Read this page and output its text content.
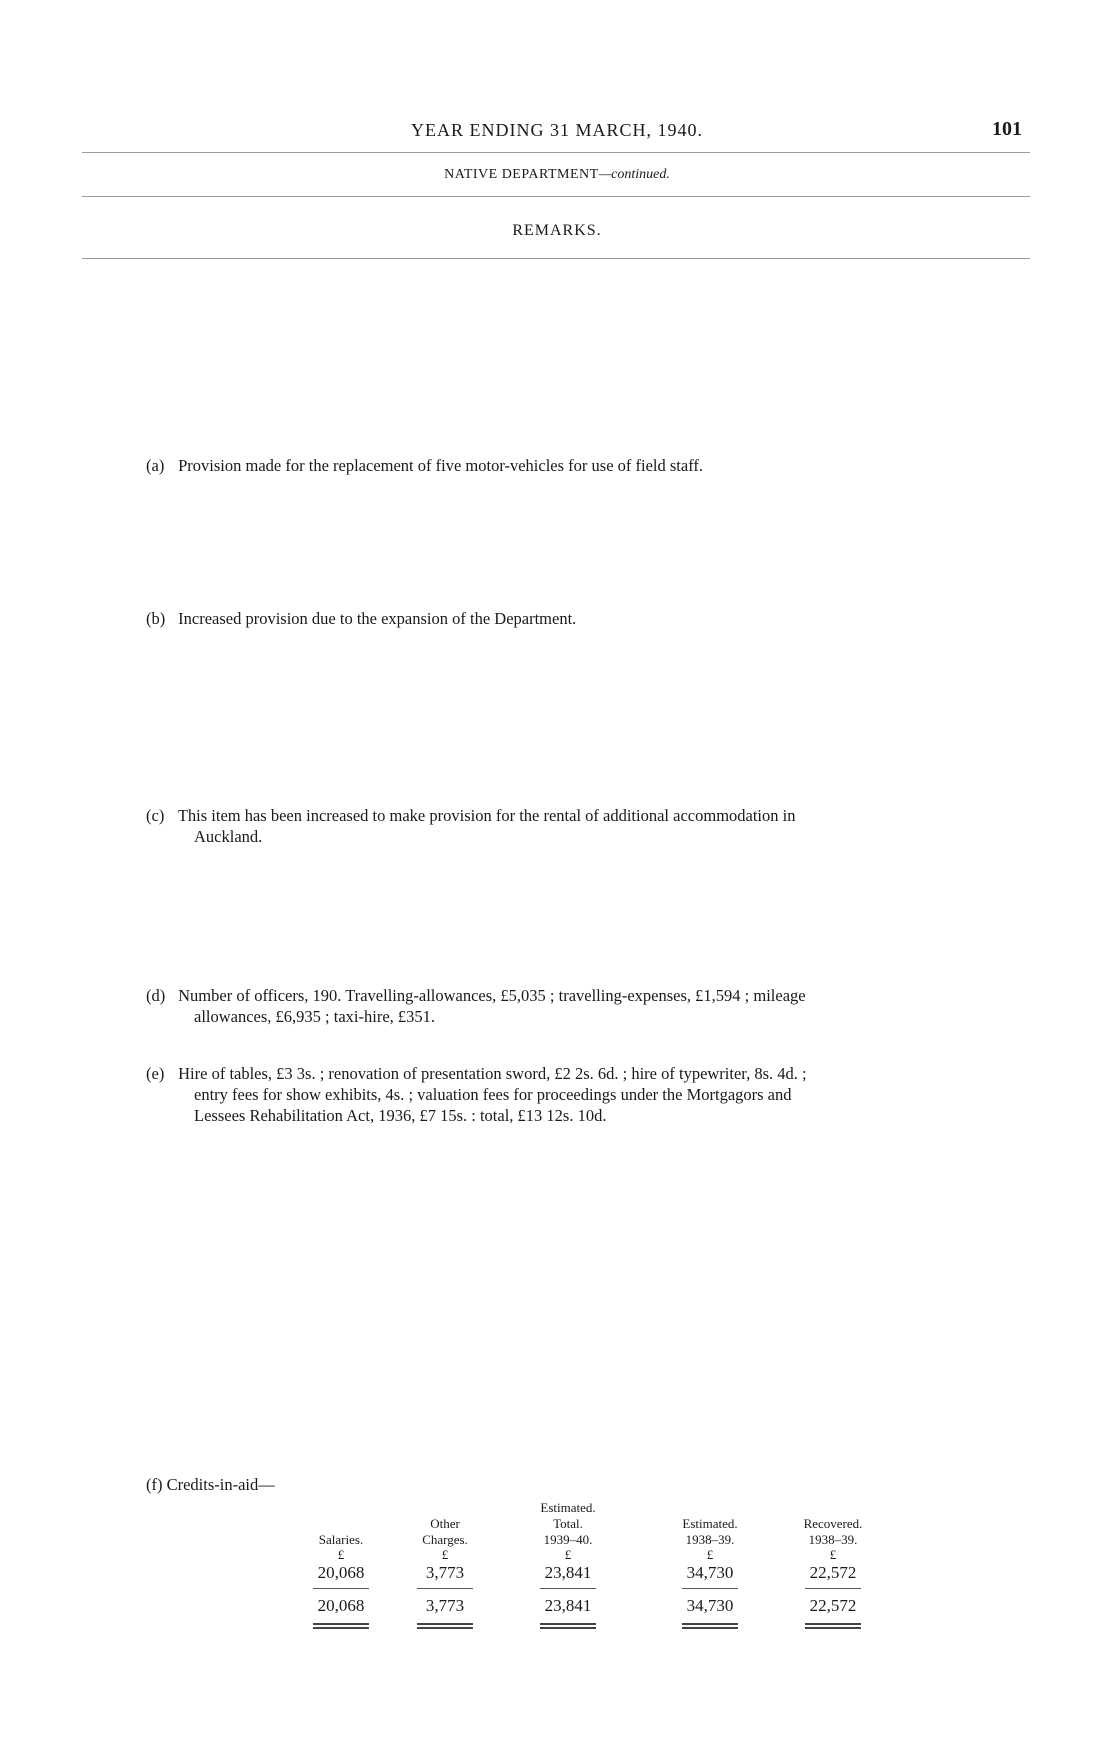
YEAR ENDING 31 MARCH, 1940.	101
NATIVE DEPARTMENT—continued.
REMARKS.
(a) Provision made for the replacement of five motor-vehicles for use of field staff.
(b) Increased provision due to the expansion of the Department.
(c) This item has been increased to make provision for the rental of additional accommodation in
Auckland.
(d) Number of officers, 190. Travelling-allowances, £5,035 ; travelling-expenses, £1,594 ; mileage
allowances, £6,935 ; taxi-hire, £351.
(e) Hire of tables, £3 3s. ; renovation of presentation sword, £2 2s. 6d. ; hire of typewriter, 8s. 4d. ;
entry fees for show exhibits, 4s. ; valuation fees for proceedings under the Mortgagors and
Lessees Rehabilitation Act, 1936, £7 15s. : total, £13 12s. 10d.
(f) Credits-in-aid—

Salaries.
£
20,068
20,068

Other
Charges.
£
3,773
3,773
Estimated.
Total.
1939–40.
£
23,841
23,841

Estimated.
1938–39.
£
34,730
34,730

Recovered.
1938–39.
£
22,572
22,572
